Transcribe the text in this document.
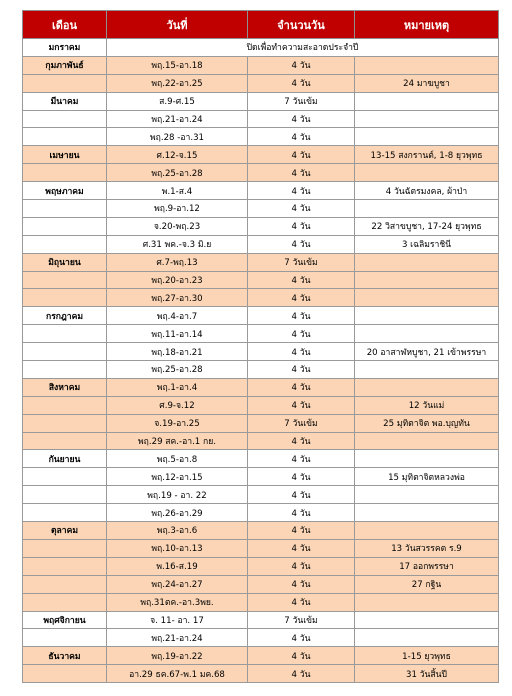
เดือน	วันที่	จำนวนวัน	หมายเหตุ
มกราคม	ปิดเพื่อทำความสะอาดประจำปี		
กุมภาพันธ์	พฤ.15-อา.18	4 วัน	
	พฤ.22-อา.25	4 วัน	24 มาฆบูชา
มีนาคม	ส.9-ศ.15	7 วันเข้ม	
	พฤ.21-อา.24	4 วัน	
	พฤ.28 -อา.31	4 วัน	
เมษายน	ศ.12-จ.15	4 วัน	13-15 สงกรานต์, 1-8 ยุวพุทธ
	พฤ.25-อา.28	4 วัน	
พฤษภาคม	พ.1-ส.4	4 วัน	4 วันฉัตรมงคล, ผ้าป่า
	พฤ.9-อา.12	4 วัน	
	จ.20-พฤ.23	4 วัน	22 วิสาขบูชา, 17-24 ยุวพุทธ
	ศ.31 พค.-จ.3 มิ.ย	4 วัน	3 เฉลิมราชินี
มิถุนายน	ศ.7-พฤ.13	7 วันเข้ม	
	พฤ.20-อา.23	4 วัน	
	พฤ.27-อา.30	4 วัน	
กรกฎาคม	พฤ.4-อา.7	4 วัน	
	พฤ.11-อา.14	4 วัน	
	พฤ.18-อา.21	4 วัน	20 อาสาฬหบูชา, 21 เข้าพรรษา
	พฤ.25-อา.28	4 วัน	
สิงหาคม	พฤ.1-อา.4	4 วัน	
	ศ.9-จ.12	4 วัน	12 วันแม่
	จ.19-อา.25	7 วันเข้ม	25 มุทิตาจิต พอ.บุญทัน
	พฤ.29 สค.-อา.1 กย.	4 วัน	
กันยายน	พฤ.5-อา.8	4 วัน	
	พฤ.12-อา.15	4 วัน	15 มุทิตาจิตหลวงพ่อ
	พฤ.19 - อา. 22	4 วัน	
	พฤ.26-อา.29	4 วัน	
ตุลาคม	พฤ.3-อา.6	4 วัน	
	พฤ.10-อา.13	4 วัน	13 วันสวรรคต ร.9
	พ.16-ส.19	4 วัน	17 ออกพรรษา
	พฤ.24-อา.27	4 วัน	27 กฐิน
	พฤ.31ตค.-อา.3พย.	4 วัน	
พฤศจิกายน	จ. 11- อา. 17	7 วันเข้ม	
	พฤ.21-อา.24	4 วัน	
ธันวาคม	พฤ.19-อา.22	4 วัน	1-15 ยุวพุทธ
	อา.29 ธค.67-พ.1 มค.68	4 วัน	31 วันสิ้นปี
